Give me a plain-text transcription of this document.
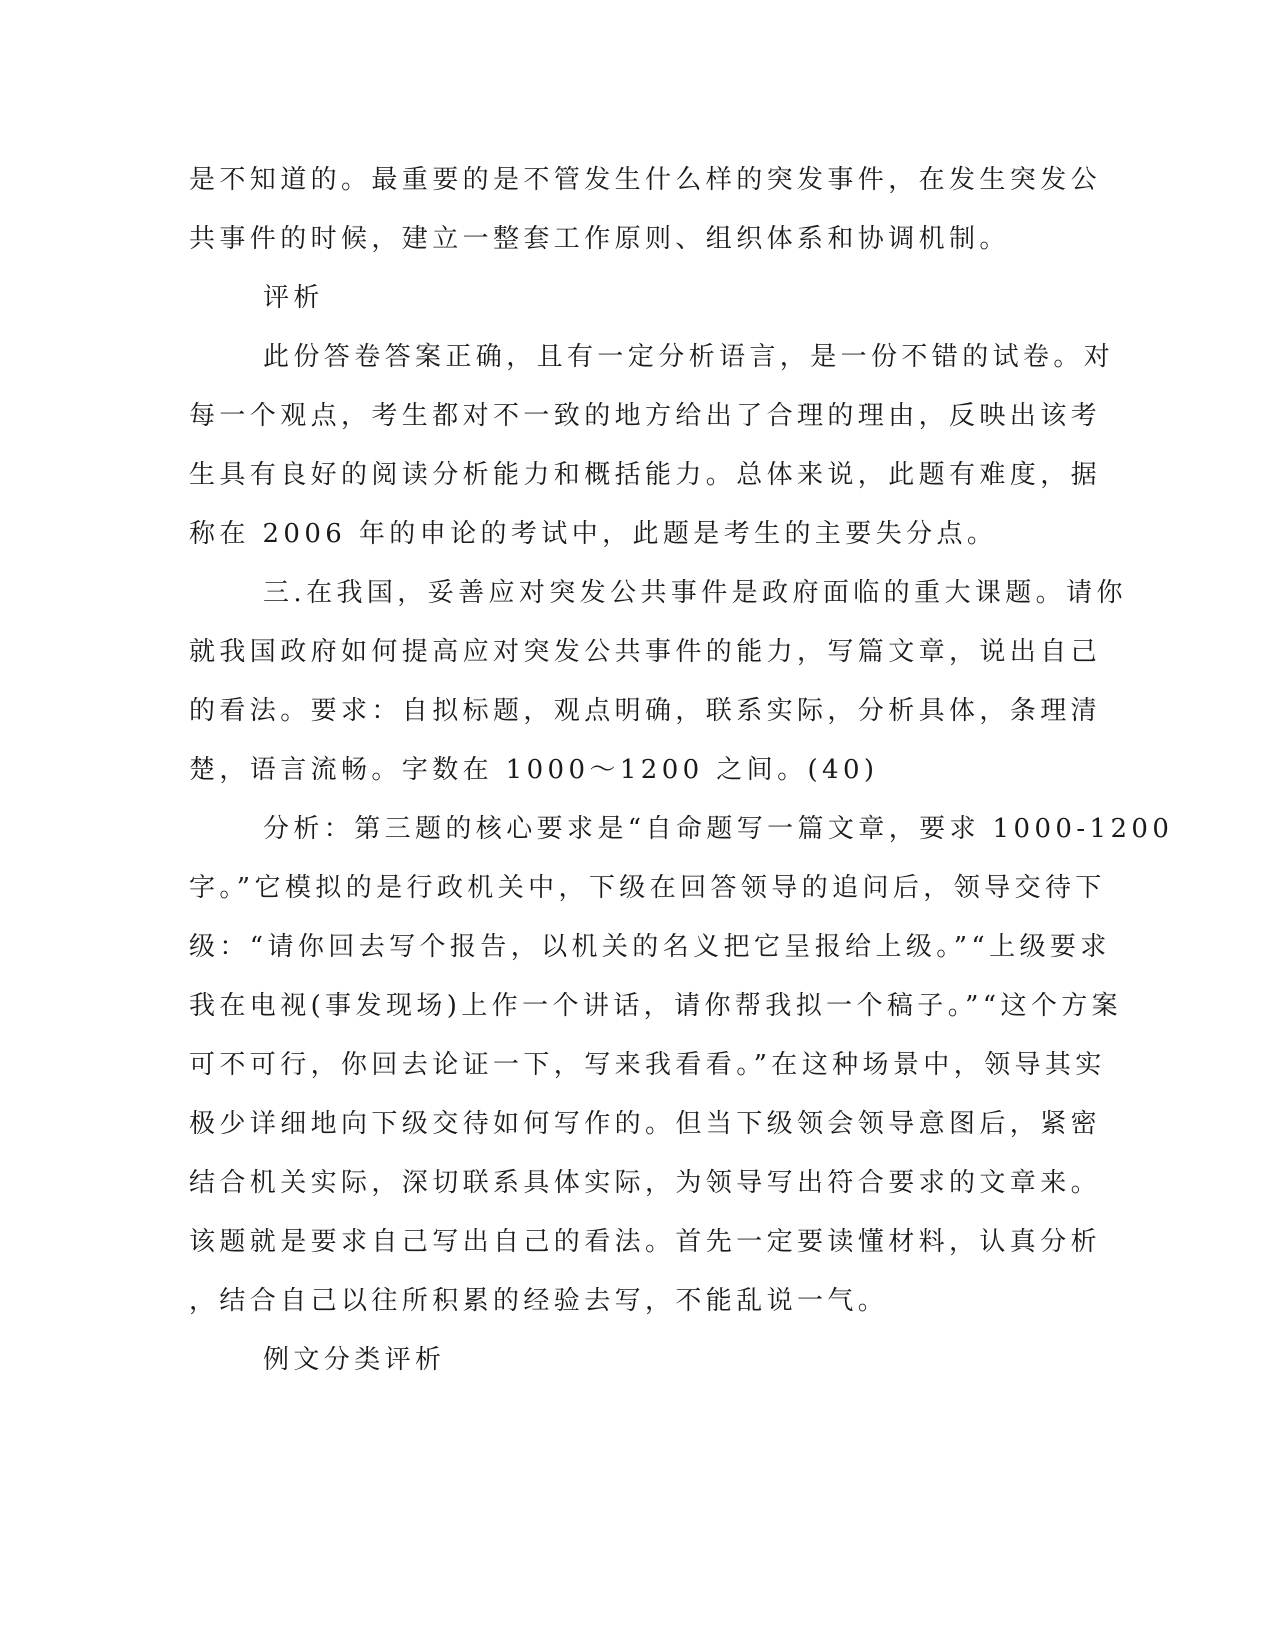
是不知道的。最重要的是不管发生什么样的突发事件，在发生突发公
共事件的时候，建立一整套工作原则、组织体系和协调机制。
评析
此份答卷答案正确，且有一定分析语言，是一份不错的试卷。对
每一个观点，考生都对不一致的地方给出了合理的理由，反映出该考
生具有良好的阅读分析能力和概括能力。总体来说，此题有难度，据
称在 2006 年的申论的考试中，此题是考生的主要失分点。
三.在我国，妥善应对突发公共事件是政府面临的重大课题。请你
就我国政府如何提高应对突发公共事件的能力，写篇文章，说出自己
的看法。要求：自拟标题，观点明确，联系实际，分析具体，条理清
楚，语言流畅。字数在 1000～1200 之间。(40)
分析：第三题的核心要求是“自命题写一篇文章，要求 1000-1200
字。”它模拟的是行政机关中，下级在回答领导的追问后，领导交待下
级：“请你回去写个报告，以机关的名义把它呈报给上级。”“上级要求
我在电视(事发现场)上作一个讲话，请你帮我拟一个稿子。”“这个方案
可不可行，你回去论证一下，写来我看看。”在这种场景中，领导其实
极少详细地向下级交待如何写作的。但当下级领会领导意图后，紧密
结合机关实际，深切联系具体实际，为领导写出符合要求的文章来。
该题就是要求自己写出自己的看法。首先一定要读懂材料，认真分析
，结合自己以往所积累的经验去写，不能乱说一气。
例文分类评析
